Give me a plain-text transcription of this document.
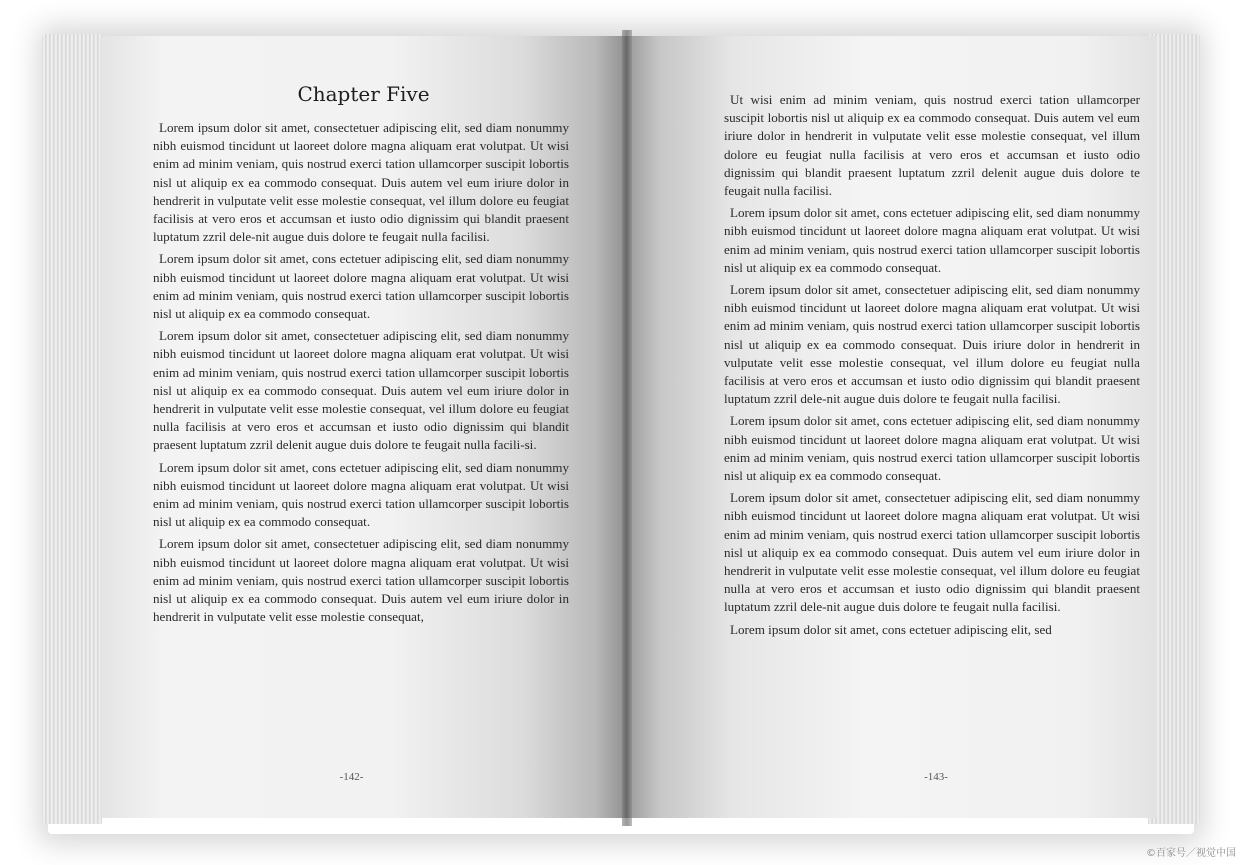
Chapter Five

Lorem ipsum dolor sit amet, consectetuer adipiscing elit, sed diam nonummy nibh euismod tincidunt ut laoreet dolore magna aliquam erat volutpat. Ut wisi enim ad minim veniam, quis nostrud exerci tation ullamcorper suscipit lobortis nisl ut aliquip ex ea commodo consequat. Duis autem vel eum iriure dolor in hendrerit in vulputate velit esse molestie consequat, vel illum dolore eu feugiat facilisis at vero eros et accumsan et iusto odio dignissim qui blandit praesent luptatum zzril dele-nit augue duis dolore te feugait nulla facilisi.

Lorem ipsum dolor sit amet, cons ectetuer adipiscing elit, sed diam nonummy nibh euismod tincidunt ut laoreet dolore magna aliquam erat volutpat. Ut wisi enim ad minim veniam, quis nostrud exerci tation ullamcorper suscipit lobortis nisl ut aliquip ex ea commodo consequat.

Lorem ipsum dolor sit amet, consectetuer adipiscing elit, sed diam nonummy nibh euismod tincidunt ut laoreet dolore magna aliquam erat volutpat. Ut wisi enim ad minim veniam, quis nostrud exerci tation ullamcorper suscipit lobortis nisl ut aliquip ex ea commodo consequat. Duis autem vel eum iriure dolor in hendrerit in vulputate velit esse molestie consequat, vel illum dolore eu feugiat nulla facilisis at vero eros et accumsan et iusto odio dignissim qui blandit praesent luptatum zzril delenit augue duis dolore te feugait nulla facili-si.

Lorem ipsum dolor sit amet, cons ectetuer adipiscing elit, sed diam nonummy nibh euismod tincidunt ut laoreet dolore magna aliquam erat volutpat. Ut wisi enim ad minim veniam, quis nostrud exerci tation ullamcorper suscipit lobortis nisl ut aliquip ex ea commodo consequat.

Lorem ipsum dolor sit amet, consectetuer adipiscing elit, sed diam nonummy nibh euismod tincidunt ut laoreet dolore magna aliquam erat volutpat. Ut wisi enim ad minim veniam, quis nostrud exerci tation ullamcorper suscipit lobortis nisl ut aliquip ex ea commodo consequat. Duis autem vel eum iriure dolor in hendrerit in vulputate velit esse molestie consequat,

-142-

Ut wisi enim ad minim veniam, quis nostrud exerci tation ullamcorper suscipit lobortis nisl ut aliquip ex ea commodo consequat. Duis autem vel eum iriure dolor in hendrerit in vulputate velit esse molestie consequat, vel illum dolore eu feugiat nulla facilisis at vero eros et accumsan et iusto odio dignissim qui blandit praesent luptatum zzril delenit augue duis dolore te feugait nulla facilisi.

Lorem ipsum dolor sit amet, cons ectetuer adipiscing elit, sed diam nonummy nibh euismod tincidunt ut laoreet dolore magna aliquam erat volutpat. Ut wisi enim ad minim veniam, quis nostrud exerci tation ullamcorper suscipit lobortis nisl ut aliquip ex ea commodo consequat.

Lorem ipsum dolor sit amet, consectetuer adipiscing elit, sed diam nonummy nibh euismod tincidunt ut laoreet dolore magna aliquam erat volutpat. Ut wisi enim ad minim veniam, quis nostrud exerci tation ullamcorper suscipit lobortis nisl ut aliquip ex ea commodo consequat. Duis iriure dolor in hendrerit in vulputate velit esse molestie consequat, vel illum dolore eu feugiat nulla facilisis at vero eros et accumsan et iusto odio dignissim qui blandit praesent luptatum zzril dele-nit augue duis dolore te feugait nulla facilisi.

Lorem ipsum dolor sit amet, cons ectetuer adipiscing elit, sed diam nonummy nibh euismod tincidunt ut laoreet dolore magna aliquam erat volutpat. Ut wisi enim ad minim veniam, quis nostrud exerci tation ullamcorper suscipit lobortis nisl ut aliquip ex ea commodo consequat.

Lorem ipsum dolor sit amet, consectetuer adipiscing elit, sed diam nonummy nibh euismod tincidunt ut laoreet dolore magna aliquam erat volutpat. Ut wisi enim ad minim veniam, quis nostrud exerci tation ullamcorper suscipit lobortis nisl ut aliquip ex ea commodo consequat. Duis autem vel eum iriure dolor in hendrerit in vulputate velit esse molestie consequat, vel illum dolore eu feugiat nulla at vero eros et accumsan et iusto odio dignissim qui blandit praesent luptatum zzril dele-nit augue duis dolore te feugait nulla facilisi.

Lorem ipsum dolor sit amet, cons ectetuer adipiscing elit, sed

-143-
©百家号／视觉中国
